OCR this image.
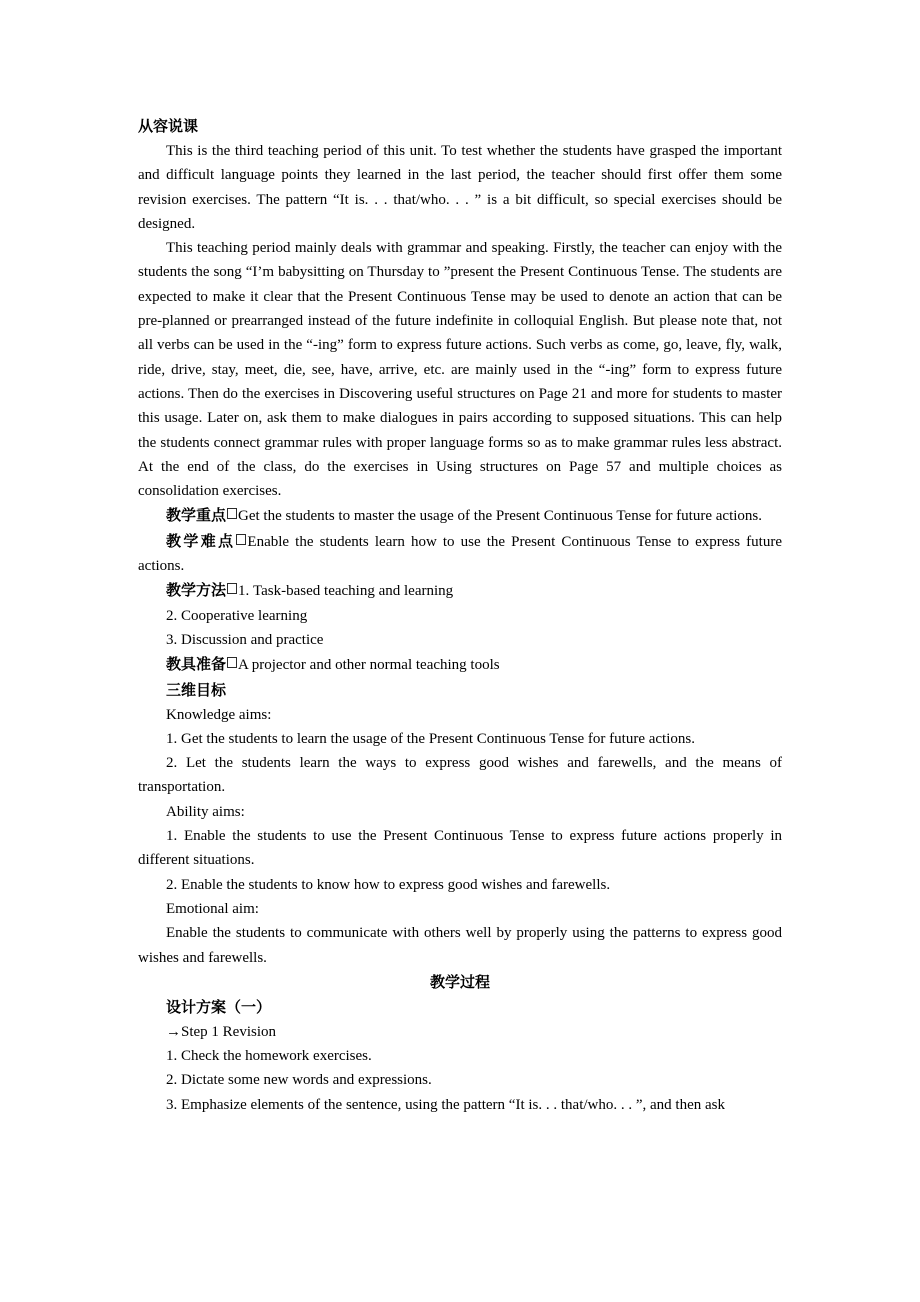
从容说课

This is the third teaching period of this unit. To test whether the students have grasped the important and difficult language points they learned in the last period, the teacher should first offer them some revision exercises. The pattern “It is. . . that/who. . . ” is a bit difficult, so special exercises should be designed.

This teaching period mainly deals with grammar and speaking. Firstly, the teacher can enjoy with the students the song “I’m babysitting on Thursday to ”present the Present Continuous Tense. The students are expected to make it clear that the Present Continuous Tense may be used to denote an action that can be pre-planned or prearranged instead of the future indefinite in colloquial English. But please note that, not all verbs can be used in the “-ing” form to express future actions. Such verbs as come, go, leave, fly, walk, ride, drive, stay, meet, die, see, have, arrive, etc. are mainly used in the “-ing” form to express future actions. Then do the exercises in Discovering useful structures on Page 21 and more for students to master this usage. Later on, ask them to make dialogues in pairs according to supposed situations. This can help the students connect grammar rules with proper language forms so as to make grammar rules less abstract. At the end of the class, do the exercises in Using structures on Page 57 and multiple choices as consolidation exercises.

教学重点 Get the students to master the usage of the Present Continuous Tense for future actions.

教学难点 Enable the students learn how to use the Present Continuous Tense to express future actions.

教学方法 1. Task-based teaching and learning

2. Cooperative learning

3. Discussion and practice

教具准备 A projector and other normal teaching tools

三维目标

Knowledge aims:

1. Get the students to learn the usage of the Present Continuous Tense for future actions.

2. Let the students learn the ways to express good wishes and farewells, and the means of transportation.

Ability aims:

1. Enable the students to use the Present Continuous Tense to express future actions properly in different situations.

2. Enable the students to know how to express good wishes and farewells.

Emotional aim:

Enable the students to communicate with others well by properly using the patterns to express good wishes and farewells.

教学过程
设计方案（一）

→Step 1 Revision

1. Check the homework exercises.

2. Dictate some new words and expressions.

3. Emphasize elements of the sentence, using the pattern “It is. . . that/who. . . ”, and then ask
